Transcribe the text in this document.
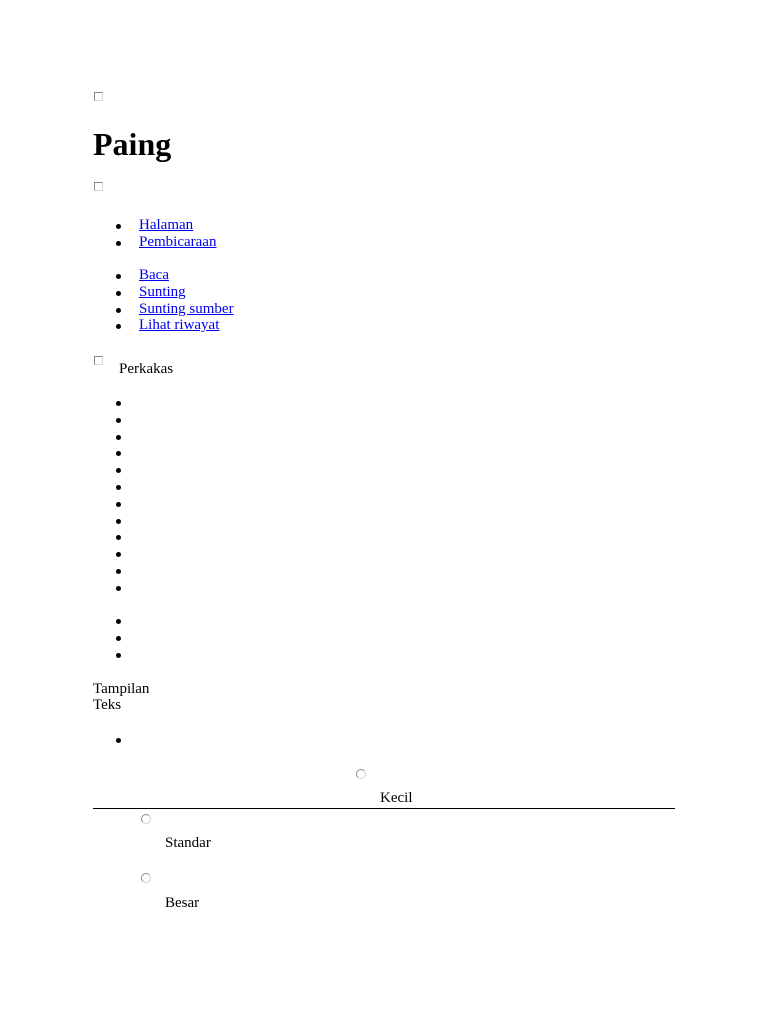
Paing
Halaman
Pembicaraan
Baca
Sunting
Sunting sumber
Lihat riwayat
Perkakas
Tampilan
Teks
Kecil
Standar
Besar
